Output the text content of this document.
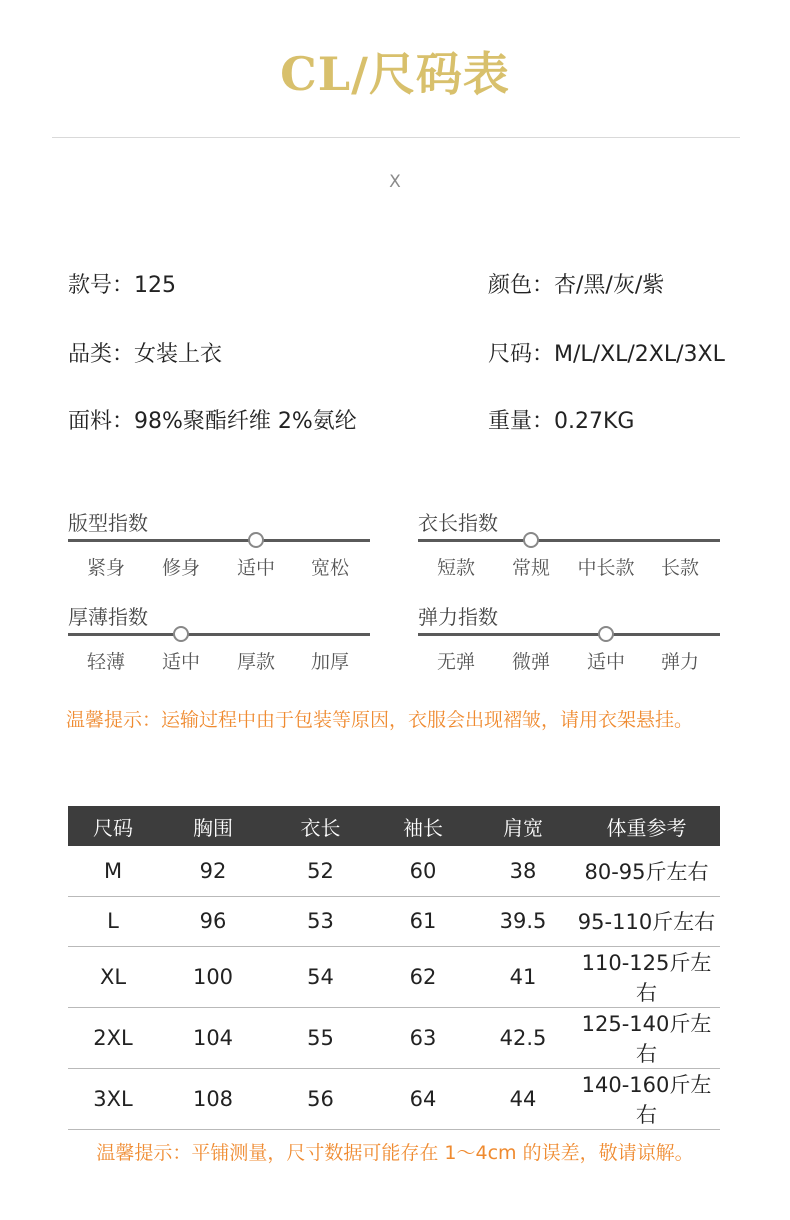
CL/尺码表
X
款号：125	颜色：杏/黑/灰/紫
品类：女装上衣	尺码：M/L/XL/2XL/3XL
面料：98%聚酯纤维 2%氨纶	重量：0.27KG
版型指数
紧身	修身	适中	宽松
衣长指数
短款	常规	中长款	长款
厚薄指数
轻薄	适中	厚款	加厚
弹力指数
无弹	微弹	适中	弹力
温馨提示：运输过程中由于包装等原因，衣服会出现褶皱，请用衣架悬挂。
尺码	胸围	衣长	袖长	肩宽	体重参考
M	92	52	60	38	80-95斤左右
L	96	53	61	39.5	95-110斤左右
XL	100	54	62	41	110-125斤左右
2XL	104	55	63	42.5	125-140斤左右
3XL	108	56	64	44	140-160斤左右
温馨提示：平铺测量，尺寸数据可能存在 1～4cm 的误差，敬请谅解。
